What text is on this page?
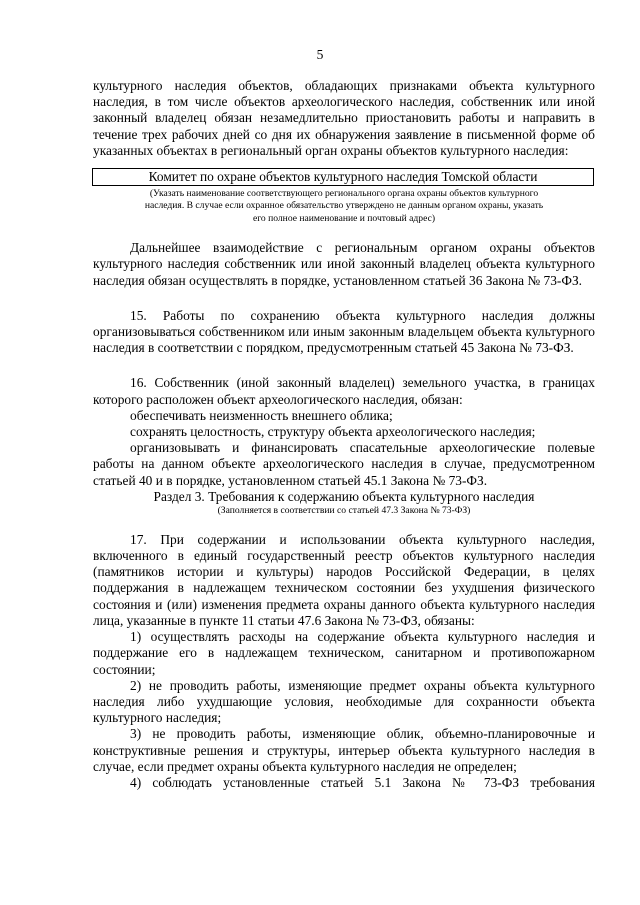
5

культурного наследия объектов, обладающих признаками объекта культурного наследия, в том числе объектов археологического наследия, собственник или иной законный владелец обязан незамедлительно приостановить работы и направить в течение трех рабочих дней со дня их обнаружения заявление в письменной форме об указанных объектах в региональный орган охраны объектов культурного наследия:

Комитет по охране объектов культурного наследия Томской области

(Указать наименование соответствующего регионального органа охраны объектов культурного наследия. В случае если охранное обязательство утверждено не данным органом охраны, указать его полное наименование и почтовый адрес)

Дальнейшее взаимодействие с региональным органом охраны объектов культурного наследия собственник или иной законный владелец объекта культурного наследия обязан осуществлять в порядке, установленном статьей 36 Закона № 73-ФЗ.

15. Работы по сохранению объекта культурного наследия должны организовываться собственником или иным законным владельцем объекта культурного наследия в соответствии с порядком, предусмотренным статьей 45 Закона № 73-ФЗ.

16. Собственник (иной законный владелец) земельного участка, в границах которого расположен объект археологического наследия, обязан:

обеспечивать неизменность внешнего облика;

сохранять целостность, структуру объекта археологического наследия;

организовывать и финансировать спасательные археологические полевые работы на данном объекте археологического наследия в случае, предусмотренном статьей 40 и в порядке, установленном статьей 45.1 Закона № 73-ФЗ.

Раздел 3. Требования к содержанию объекта культурного наследия

(Заполняется в соответствии со статьей 47.3 Закона № 73-ФЗ)

17. При содержании и использовании объекта культурного наследия, включенного в единый государственный реестр объектов культурного наследия (памятников истории и культуры) народов Российской Федерации, в целях поддержания в надлежащем техническом состоянии без ухудшения физического состояния и (или) изменения предмета охраны данного объекта культурного наследия лица, указанные в пункте 11 статьи 47.6 Закона № 73-ФЗ, обязаны:

1) осуществлять расходы на содержание объекта культурного наследия и поддержание его в надлежащем техническом, санитарном и противопожарном состоянии;

2) не проводить работы, изменяющие предмет охраны объекта культурного наследия либо ухудшающие условия, необходимые для сохранности объекта культурного наследия;

3) не проводить работы, изменяющие облик, объемно-планировочные и конструктивные решения и структуры, интерьер объекта культурного наследия в случае, если предмет охраны объекта культурного наследия не определен;

4) соблюдать установленные статьей 5.1 Закона № 73-ФЗ требования
